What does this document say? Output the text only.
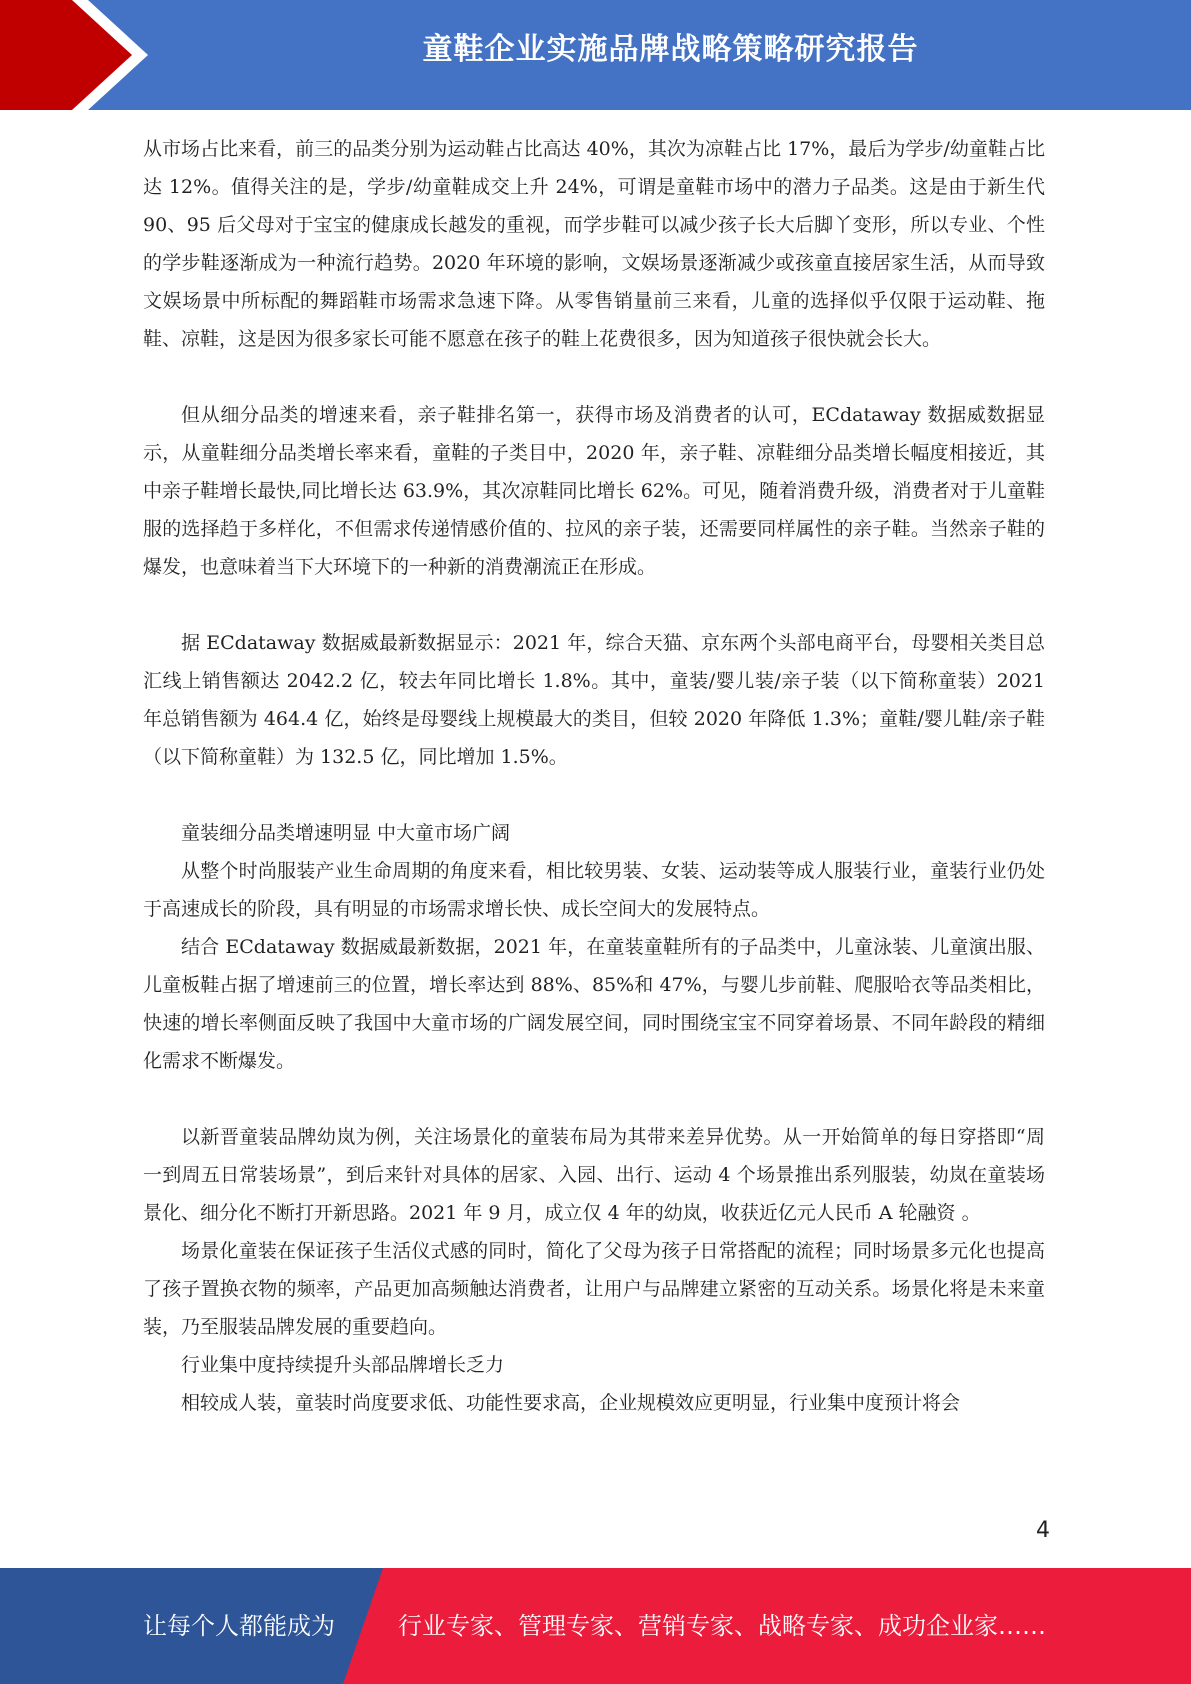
童鞋企业实施品牌战略策略研究报告

从市场占比来看，前三的品类分别为运动鞋占比高达 40%，其次为凉鞋占比 17%，最后为学步/幼童鞋占比达 12%。值得关注的是，学步/幼童鞋成交上升 24%，可谓是童鞋市场中的潜力子品类。这是由于新生代 90、95 后父母对于宝宝的健康成长越发的重视，而学步鞋可以减少孩子长大后脚丫变形，所以专业、个性的学步鞋逐渐成为一种流行趋势。2020 年环境的影响，文娱场景逐渐减少或孩童直接居家生活，从而导致文娱场景中所标配的舞蹈鞋市场需求急速下降。从零售销量前三来看，儿童的选择似乎仅限于运动鞋、拖鞋、凉鞋，这是因为很多家长可能不愿意在孩子的鞋上花费很多，因为知道孩子很快就会长大。

但从细分品类的增速来看，亲子鞋排名第一，获得市场及消费者的认可，ECdataway 数据威数据显示，从童鞋细分品类增长率来看，童鞋的子类目中，2020 年，亲子鞋、凉鞋细分品类增长幅度相接近，其中亲子鞋增长最快,同比增长达 63.9%，其次凉鞋同比增长 62%。可见，随着消费升级，消费者对于儿童鞋服的选择趋于多样化，不但需求传递情感价值的、拉风的亲子装，还需要同样属性的亲子鞋。当然亲子鞋的爆发，也意味着当下大环境下的一种新的消费潮流正在形成。

据 ECdataway 数据威最新数据显示：2021 年，综合天猫、京东两个头部电商平台，母婴相关类目总汇线上销售额达 2042.2 亿，较去年同比增长 1.8%。其中，童装/婴儿装/亲子装（以下简称童装）2021 年总销售额为 464.4 亿，始终是母婴线上规模最大的类目，但较 2020 年降低 1.3%；童鞋/婴儿鞋/亲子鞋（以下简称童鞋）为 132.5 亿，同比增加 1.5%。

童装细分品类增速明显 中大童市场广阔

从整个时尚服装产业生命周期的角度来看，相比较男装、女装、运动装等成人服装行业，童装行业仍处于高速成长的阶段，具有明显的市场需求增长快、成长空间大的发展特点。

结合 ECdataway 数据威最新数据，2021 年，在童装童鞋所有的子品类中，儿童泳装、儿童演出服、儿童板鞋占据了增速前三的位置，增长率达到 88%、85%和 47%，与婴儿步前鞋、爬服哈衣等品类相比，快速的增长率侧面反映了我国中大童市场的广阔发展空间，同时围绕宝宝不同穿着场景、不同年龄段的精细化需求不断爆发。

以新晋童装品牌幼岚为例，关注场景化的童装布局为其带来差异优势。从一开始简单的每日穿搭即“周一到周五日常装场景”，到后来针对具体的居家、入园、出行、运动 4 个场景推出系列服装，幼岚在童装场景化、细分化不断打开新思路。2021 年 9 月，成立仅 4 年的幼岚，收获近亿元人民币 A 轮融资 。

场景化童装在保证孩子生活仪式感的同时，简化了父母为孩子日常搭配的流程；同时场景多元化也提高了孩子置换衣物的频率，产品更加高频触达消费者，让用户与品牌建立紧密的互动关系。场景化将是未来童装，乃至服装品牌发展的重要趋向。

行业集中度持续提升头部品牌增长乏力

相较成人装，童装时尚度要求低、功能性要求高，企业规模效应更明显，行业集中度预计将会

4
让每个人都能成为	行业专家、管理专家、营销专家、战略专家、成功企业家……
